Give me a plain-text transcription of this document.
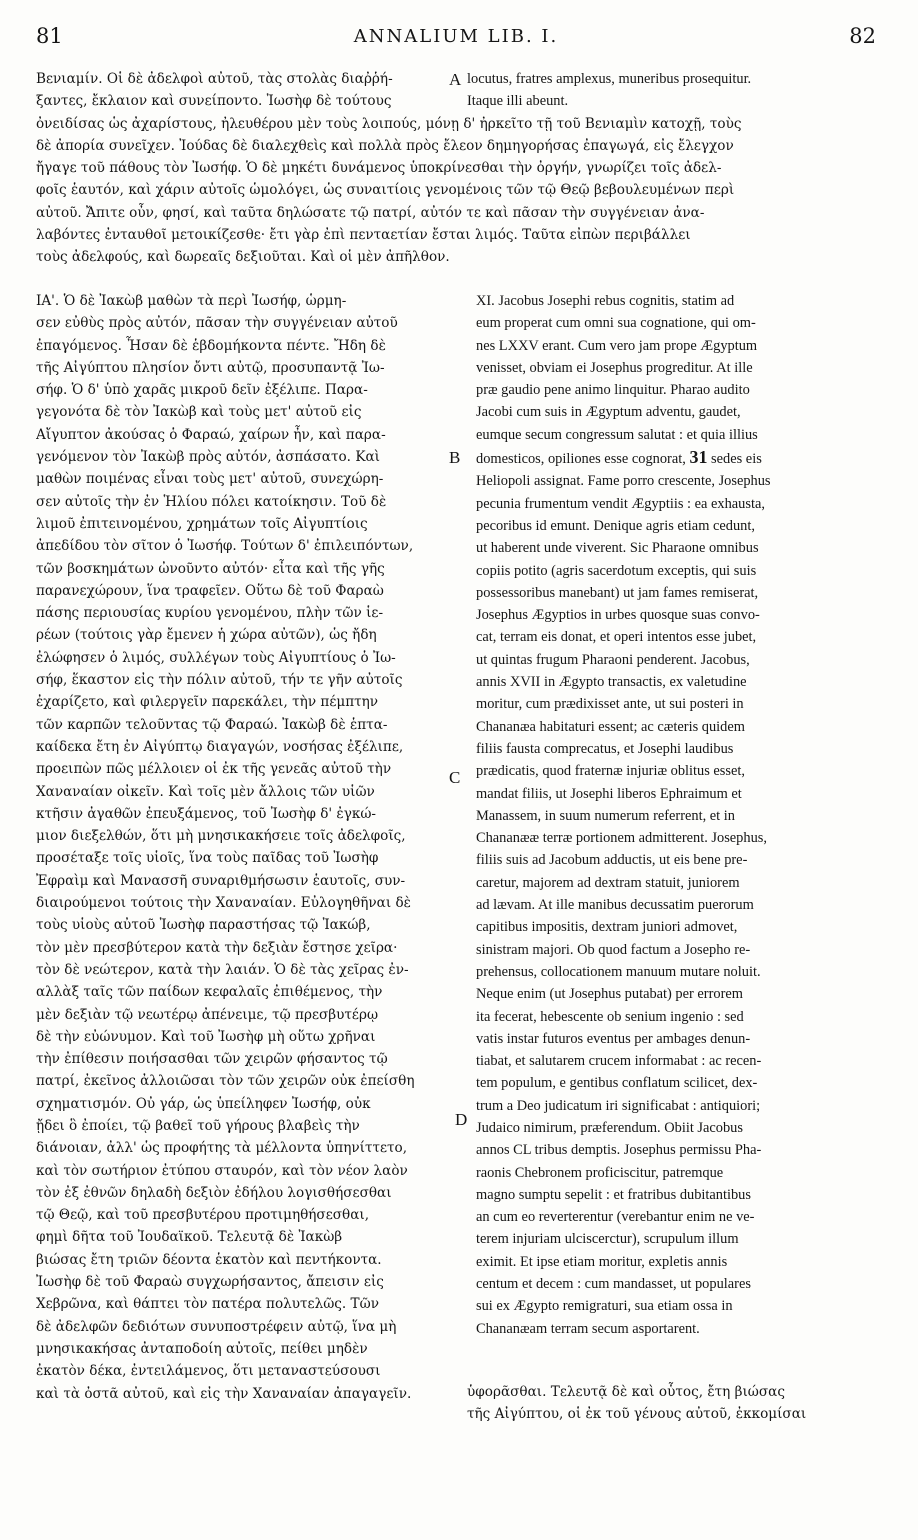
81	ANNALIUM LIB. I.	82
A
B
C
D

Βενιαμίν. Οἱ δὲ ἀδελφοὶ αὐτοῦ, τὰς στολὰς διαῤῥή-

ξαντες, ἔκλαιον καὶ συνείποντο. Ἰωσὴφ δὲ τούτους

ὀνειδίσας ὡς ἀχαρίστους, ἠλευθέρου μὲν τοὺς λοιπούς, μόνῃ δ' ἠρκεῖτο τῇ τοῦ Βενιαμὶν κατοχῇ, τοὺς

δὲ ἀπορία συνεῖχεν. Ἰούδας δὲ διαλεχθεὶς καὶ πολλὰ πρὸς ἔλεον δημηγορήσας ἐπαγωγά, εἰς ἔλεγχον

ἤγαγε τοῦ πάθους τὸν Ἰωσήφ. Ὁ δὲ μηκέτι δυνάμενος ὑποκρίνεσθαι τὴν ὀργήν, γνωρίζει τοῖς ἀδελ-

φοῖς ἑαυτόν, καὶ χάριν αὐτοῖς ὡμολόγει, ὡς συναιτίοις γενομένοις τῶν τῷ Θεῷ βεβουλευμένων περὶ

αὐτοῦ. Ἄπιτε οὖν, φησί, καὶ ταῦτα δηλώσατε τῷ πατρί, αὐτόν τε καὶ πᾶσαν τὴν συγγένειαν ἀνα-

λαβόντες ἐνταυθοῖ μετοικίζεσθε· ἔτι γὰρ ἐπὶ πενταετίαν ἔσται λιμός. Ταῦτα εἰπὼν περιβάλλει

τοὺς ἀδελφούς, καὶ δωρεαῖς δεξιοῦται. Καὶ οἱ μὲν ἀπῆλθον.

locutus, fratres amplexus, muneribus prosequitur.

Itaque illi abeunt.

ΙΑ'. Ὁ δὲ Ἰακὼβ μαθὼν τὰ περὶ Ἰωσήφ, ὡρμη-

σεν εὐθὺς πρὸς αὐτόν, πᾶσαν τὴν συγγένειαν αὐτοῦ

ἐπαγόμενος. Ἦσαν δὲ ἑβδομήκοντα πέντε. Ἤδη δὲ

τῆς Αἰγύπτου πλησίον ὄντι αὐτῷ, προσυπαντᾷ Ἰω-

σήφ. Ὁ δ' ὑπὸ χαρᾶς μικροῦ δεῖν ἐξέλιπε. Παρα-

γεγονότα δὲ τὸν Ἰακὼβ καὶ τοὺς μετ' αὐτοῦ εἰς

Αἴγυπτον ἀκούσας ὁ Φαραώ, χαίρων ἦν, καὶ παρα-

γενόμενον τὸν Ἰακὼβ πρὸς αὐτόν, ἀσπάσατο. Καὶ

μαθὼν ποιμένας εἶναι τοὺς μετ' αὐτοῦ, συνεχώρη-

σεν αὐτοῖς τὴν ἐν Ἡλίου πόλει κατοίκησιν. Τοῦ δὲ

λιμοῦ ἐπιτεινομένου, χρημάτων τοῖς Αἰγυπτίοις

ἀπεδίδου τὸν σῖτον ὁ Ἰωσήφ. Τούτων δ' ἐπιλειπόντων,

τῶν βοσκημάτων ὠνοῦντο αὐτόν· εἶτα καὶ τῆς γῆς

παρανεχώρουν, ἵνα τραφεῖεν. Οὕτω δὲ τοῦ Φαραὼ

πάσης περιουσίας κυρίου γενομένου, πλὴν τῶν ἱε-

ρέων (τούτοις γὰρ ἔμενεν ἡ χώρα αὐτῶν), ὡς ἤδη

ἐλώφησεν ὁ λιμός, συλλέγων τοὺς Αἰγυπτίους ὁ Ἰω-

σήφ, ἕκαστον εἰς τὴν πόλιν αὐτοῦ, τήν τε γῆν αὐτοῖς

ἐχαρίζετο, καὶ φιλεργεῖν παρεκάλει, τὴν πέμπτην

τῶν καρπῶν τελοῦντας τῷ Φαραώ. Ἰακὼβ δὲ ἑπτα-

καίδεκα ἔτη ἐν Αἰγύπτῳ διαγαγών, νοσήσας ἐξέλιπε,

προειπὼν πῶς μέλλοιεν οἱ ἐκ τῆς γενεᾶς αὐτοῦ τὴν

Χαναναίαν οἰκεῖν. Καὶ τοῖς μὲν ἄλλοις τῶν υἱῶν

κτῆσιν ἀγαθῶν ἐπευξάμενος, τοῦ Ἰωσὴφ δ' ἐγκώ-

μιον διεξελθών, ὅτι μὴ μνησικακήσειε τοῖς ἀδελφοῖς,

προσέταξε τοῖς υἱοῖς, ἵνα τοὺς παῖδας τοῦ Ἰωσὴφ

Ἐφραὶμ καὶ Μανασσῆ συναριθμήσωσιν ἑαυτοῖς, συν-

διαιρούμενοι τούτοις τὴν Χαναναίαν. Εὐλογηθῆναι δὲ

τοὺς υἱοὺς αὐτοῦ Ἰωσὴφ παραστήσας τῷ Ἰακώβ,

τὸν μὲν πρεσβύτερον κατὰ τὴν δεξιὰν ἔστησε χεῖρα·

τὸν δὲ νεώτερον, κατὰ τὴν λαιάν. Ὁ δὲ τὰς χεῖρας ἐν-

αλλὰξ ταῖς τῶν παίδων κεφαλαῖς ἐπιθέμενος, τὴν

μὲν δεξιὰν τῷ νεωτέρῳ ἀπένειμε, τῷ πρεσβυτέρῳ

δὲ τὴν εὐώνυμον. Καὶ τοῦ Ἰωσὴφ μὴ οὕτω χρῆναι

τὴν ἐπίθεσιν ποιήσασθαι τῶν χειρῶν φήσαντος τῷ

πατρί, ἐκεῖνος ἀλλοιῶσαι τὸν τῶν χειρῶν οὐκ ἐπείσθη

σχηματισμόν. Οὐ γάρ, ὡς ὑπείληφεν Ἰωσήφ, οὐκ

ᾔδει ὃ ἐποίει, τῷ βαθεῖ τοῦ γήρους βλαβεὶς τὴν

διάνοιαν, ἀλλ' ὡς προφήτης τὰ μέλλοντα ὑπηνίττετο,

καὶ τὸν σωτήριον ἐτύπου σταυρόν, καὶ τὸν νέον λαὸν

τὸν ἐξ ἐθνῶν δηλαδὴ δεξιὸν ἐδήλου λογισθήσεσθαι

τῷ Θεῷ, καὶ τοῦ πρεσβυτέρου προτιμηθήσεσθαι,

φημὶ δῆτα τοῦ Ἰουδαϊκοῦ. Τελευτᾷ δὲ Ἰακὼβ

βιώσας ἔτη τριῶν δέοντα ἑκατὸν καὶ πεντήκοντα.

Ἰωσὴφ δὲ τοῦ Φαραὼ συγχωρήσαντος, ἄπεισιν εἰς

Χεβρῶνα, καὶ θάπτει τὸν πατέρα πολυτελῶς. Τῶν

δὲ ἀδελφῶν δεδιότων συνυποστρέφειν αὐτῷ, ἵνα μὴ

μνησικακήσας ἀνταποδοίη αὐτοῖς, πείθει μηδὲν

ἐκατὸν δέκα, ἐντειλάμενος, ὅτι μεταναστεύσουσι

καὶ τὰ ὀστᾶ αὐτοῦ, καὶ εἰς τὴν Χαναναίαν ἀπαγαγεῖν.

XI. Jacobus Josephi rebus cognitis, statim ad

eum properat cum omni sua cognatione, qui om-

nes LXXV erant. Cum vero jam prope Ægyptum

venisset, obviam ei Josephus progreditur. At ille

præ gaudio pene animo linquitur. Pharao audito

Jacobi cum suis in Ægyptum adventu, gaudet,

eumque secum congressum salutat : et quia illius

domesticos, opiliones esse cognorat, 31 sedes eis

Heliopoli assignat. Fame porro crescente, Josephus

pecunia frumentum vendit Ægyptiis : ea exhausta,

pecoribus id emunt. Denique agris etiam cedunt,

ut haberent unde viverent. Sic Pharaone omnibus

copiis potito (agris sacerdotum exceptis, qui suis

possessoribus manebant) ut jam fames remiserat,

Josephus Ægyptios in urbes quosque suas convo-

cat, terram eis donat, et operi intentos esse jubet,

ut quintas frugum Pharaoni penderent. Jacobus,

annis XVII in Ægypto transactis, ex valetudine

moritur, cum prædixisset ante, ut sui posteri in

Chananæa habitaturi essent; ac cæteris quidem

filiis fausta comprecatus, et Josephi laudibus

prædicatis, quod fraternæ injuriæ oblitus esset,

mandat filiis, ut Josephi liberos Ephraimum et

Manassem, in suum numerum referrent, et in

Chananææ terræ portionem admitterent. Josephus,

filiis suis ad Jacobum adductis, ut eis bene pre-

caretur, majorem ad dextram statuit, juniorem

ad lævam. At ille manibus decussatim puerorum

capitibus impositis, dextram juniori admovet,

sinistram majori. Ob quod factum a Josepho re-

prehensus, collocationem manuum mutare noluit.

Neque enim (ut Josephus putabat) per errorem

ita fecerat, hebescente ob senium ingenio : sed

vatis instar futuros eventus per ambages denun-

tiabat, et salutarem crucem informabat : ac recen-

tem populum, e gentibus conflatum scilicet, dex-

trum a Deo judicatum iri significabat : antiquiori;

Judaico nimirum, præferendum. Obiit Jacobus

annos CL tribus demptis. Josephus permissu Pha-

raonis Chebronem proficiscitur, patremque

magno sumptu sepelit : et fratribus dubitantibus

an cum eo reverterentur (verebantur enim ne ve-

terem injuriam ulciscerctur), scrupulum illum

eximit. Et ipse etiam moritur, expletis annis

centum et decem : cum mandasset, ut populares

sui ex Ægypto remigraturi, sua etiam ossa in

Chananæam terram secum asportarent.

ὑφορᾶσθαι. Τελευτᾷ δὲ καὶ οὗτος, ἔτη βιώσας

τῆς Αἰγύπτου, οἱ ἐκ τοῦ γένους αὐτοῦ, ἐκκομίσαι
